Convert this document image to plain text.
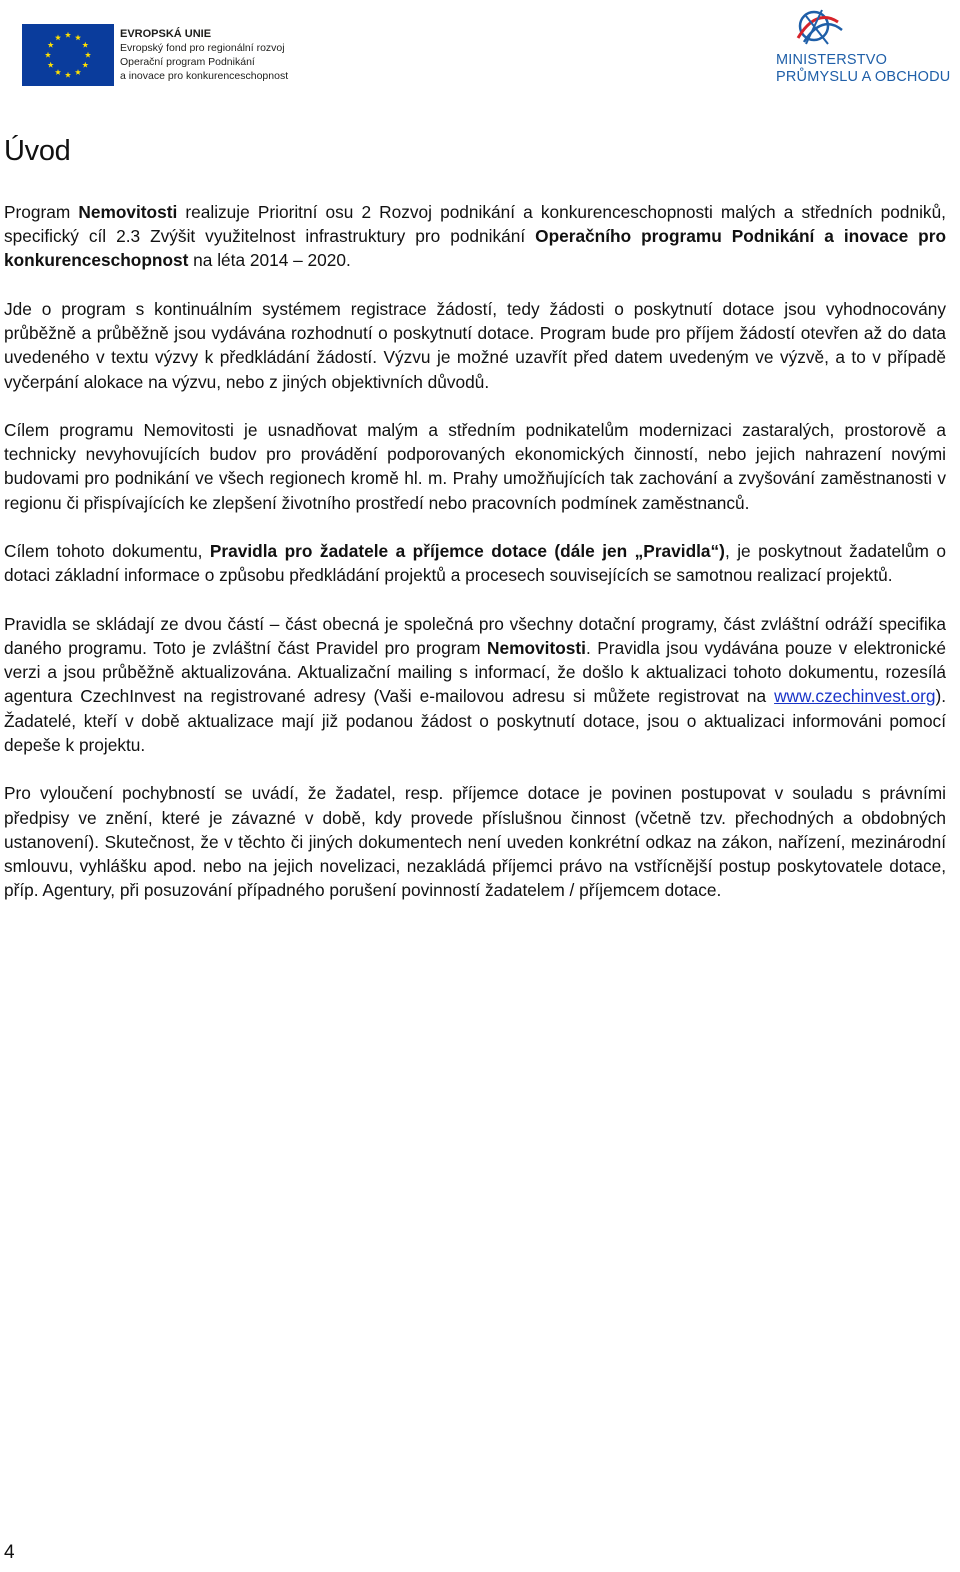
EVROPSKÁ UNIE
Evropský fond pro regionální rozvoj
Operační program Podnikání
a inovace pro konkurenceschopnost
MINISTERSTVO
PRŮMYSLU A OBCHODU
Úvod

Program Nemovitosti realizuje Prioritní osu 2 Rozvoj podnikání a konkurenceschopnosti malých a středních podniků, specifický cíl 2.3 Zvýšit využitelnost infrastruktury pro podnikání Operačního programu Podnikání a inovace pro konkurenceschopnost na léta 2014 – 2020.

Jde o program s kontinuálním systémem registrace žádostí, tedy žádosti o poskytnutí dotace jsou vyhodnocovány průběžně a průběžně jsou vydávána rozhodnutí o poskytnutí dotace. Program bude pro příjem žádostí otevřen až do data uvedeného v textu výzvy k předkládání žádostí. Výzvu je možné uzavřít před datem uvedeným ve výzvě, a to v případě vyčerpání alokace na výzvu, nebo z jiných objektivních důvodů.

Cílem programu Nemovitosti je usnadňovat malým a středním podnikatelům modernizaci zastaralých, prostorově a technicky nevyhovujících budov pro provádění podporovaných ekonomických činností, nebo jejich nahrazení novými budovami pro podnikání ve všech regionech kromě hl. m. Prahy umožňujících tak zachování a zvyšování zaměstnanosti v regionu či přispívajících ke zlepšení životního prostředí nebo pracovních podmínek zaměstnanců.

Cílem tohoto dokumentu, Pravidla pro žadatele a příjemce dotace (dále jen „Pravidla“), je poskytnout žadatelům o dotaci základní informace o způsobu předkládání projektů a procesech souvisejících se samotnou realizací projektů.

Pravidla se skládají ze dvou částí – část obecná je společná pro všechny dotační programy, část zvláštní odráží specifika daného programu. Toto je zvláštní část Pravidel pro program Nemovitosti. Pravidla jsou vydávána pouze v elektronické verzi a jsou průběžně aktualizována. Aktualizační mailing s informací, že došlo k aktualizaci tohoto dokumentu, rozesílá agentura CzechInvest na registrované adresy (Vaši e-mailovou adresu si můžete registrovat na www.czechinvest.org). Žadatelé, kteří v době aktualizace mají již podanou žádost o poskytnutí dotace, jsou o aktualizaci informováni pomocí depeše k projektu.

Pro vyloučení pochybností se uvádí, že žadatel, resp. příjemce dotace je povinen postupovat v souladu s právními předpisy ve znění, které je závazné v době, kdy provede příslušnou činnost (včetně tzv. přechodných a obdobných ustanovení). Skutečnost, že v těchto či jiných dokumentech není uveden konkrétní odkaz na zákon, nařízení, mezinárodní smlouvu, vyhlášku apod. nebo na jejich novelizaci, nezakládá příjemci právo na vstřícnější postup poskytovatele dotace, příp. Agentury, při posuzování případného porušení povinností žadatelem / příjemcem dotace.

4
